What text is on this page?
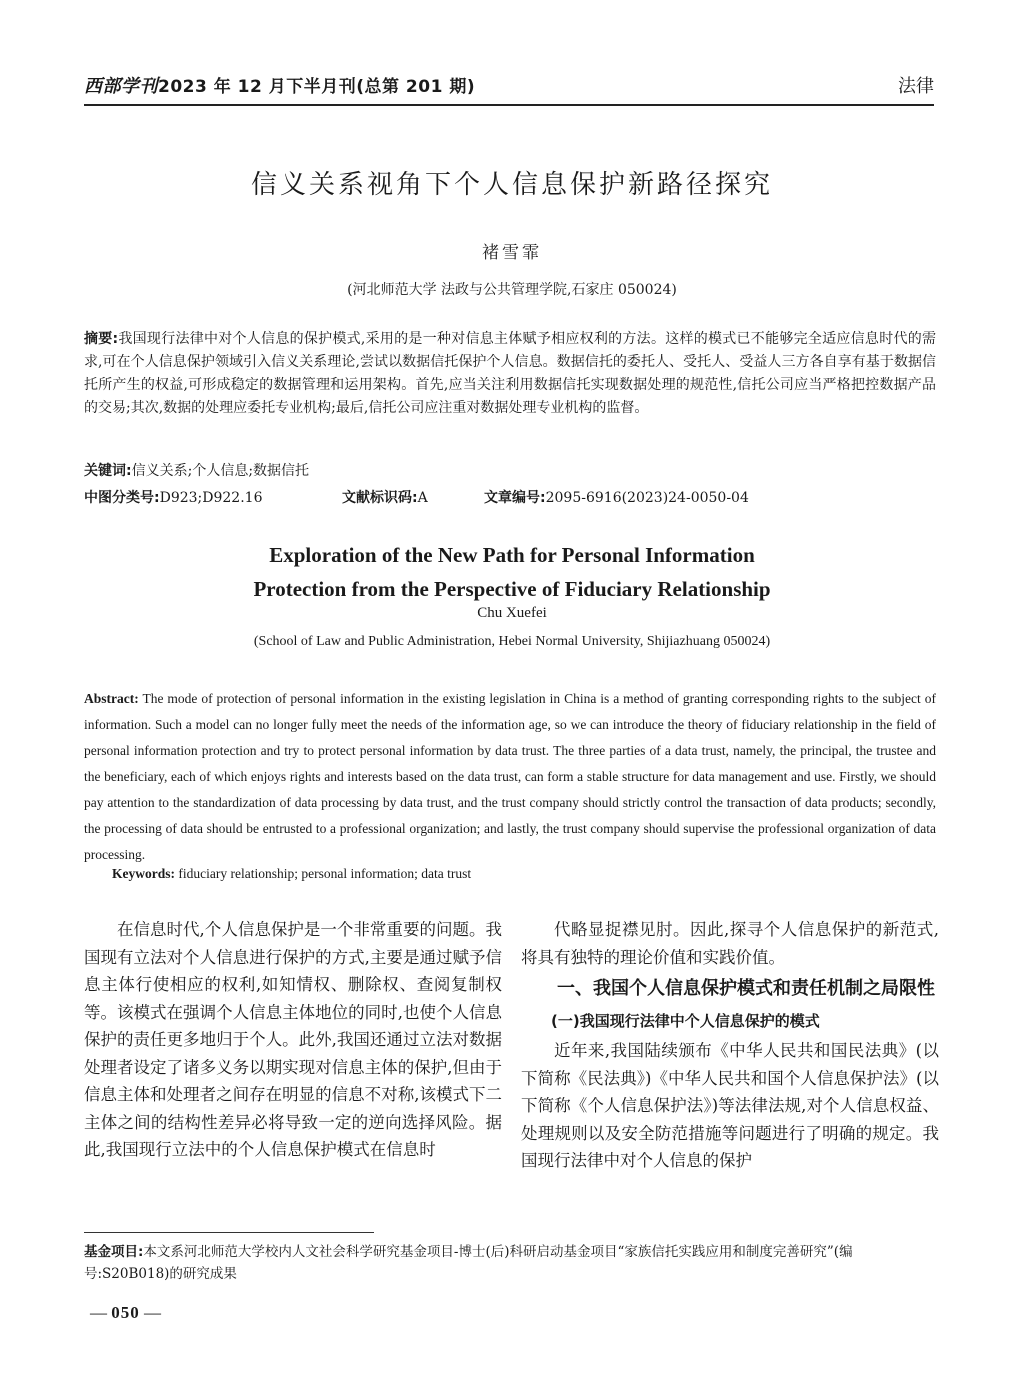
西部学刊2023 年 12 月下半月刊(总第 201 期)	法律
信义关系视角下个人信息保护新路径探究
褚雪霏
(河北师范大学 法政与公共管理学院,石家庄 050024)
摘要:我国现行法律中对个人信息的保护模式,采用的是一种对信息主体赋予相应权利的方法。这样的模式已不能够完全适应信息时代的需求,可在个人信息保护领域引入信义关系理论,尝试以数据信托保护个人信息。数据信托的委托人、受托人、受益人三方各自享有基于数据信托所产生的权益,可形成稳定的数据管理和运用架构。首先,应当关注利用数据信托实现数据处理的规范性,信托公司应当严格把控数据产品的交易;其次,数据的处理应委托专业机构;最后,信托公司应注重对数据处理专业机构的监督。
关键词:信义关系;个人信息;数据信托
中图分类号:D923;D922.16	文献标识码:A	文章编号:2095-6916(2023)24-0050-04
Exploration of the New Path for Personal Information
Protection from the Perspective of Fiduciary Relationship
Chu Xuefei
(School of Law and Public Administration, Hebei Normal University, Shijiazhuang 050024)
Abstract: The mode of protection of personal information in the existing legislation in China is a method of granting corresponding rights to the subject of information. Such a model can no longer fully meet the needs of the information age, so we can introduce the theory of fiduciary relationship in the field of personal information protection and try to protect personal information by data trust. The three parties of a data trust, namely, the principal, the trustee and the beneficiary, each of which enjoys rights and interests based on the data trust, can form a stable structure for data management and use. Firstly, we should pay attention to the standardization of data processing by data trust, and the trust company should strictly control the transaction of data products; secondly, the processing of data should be entrusted to a professional organization; and lastly, the trust company should supervise the professional organization of data processing.
Keywords: fiduciary relationship; personal information; data trust

在信息时代,个人信息保护是一个非常重要的问题。我国现有立法对个人信息进行保护的方式,主要是通过赋予信息主体行使相应的权利,如知情权、删除权、查阅复制权等。该模式在强调个人信息主体地位的同时,也使个人信息保护的责任更多地归于个人。此外,我国还通过立法对数据处理者设定了诸多义务以期实现对信息主体的保护,但由于信息主体和处理者之间存在明显的信息不对称,该模式下二主体之间的结构性差异必将导致一定的逆向选择风险。据此,我国现行立法中的个人信息保护模式在信息时

代略显捉襟见肘。因此,探寻个人信息保护的新范式,将具有独特的理论价值和实践价值。

一、我国个人信息保护模式和责任机制之局限性
(一)我国现行法律中个人信息保护的模式

近年来,我国陆续颁布《中华人民共和国民法典》(以下简称《民法典》)《中华人民共和国个人信息保护法》(以下简称《个人信息保护法》)等法律法规,对个人信息权益、处理规则以及安全防范措施等问题进行了明确的规定。我国现行法律中对个人信息的保护

基金项目:本文系河北师范大学校内人文社会科学研究基金项目-博士(后)科研启动基金项目“家族信托实践应用和制度完善研究”(编号:S20B018)的研究成果
— 050 —
